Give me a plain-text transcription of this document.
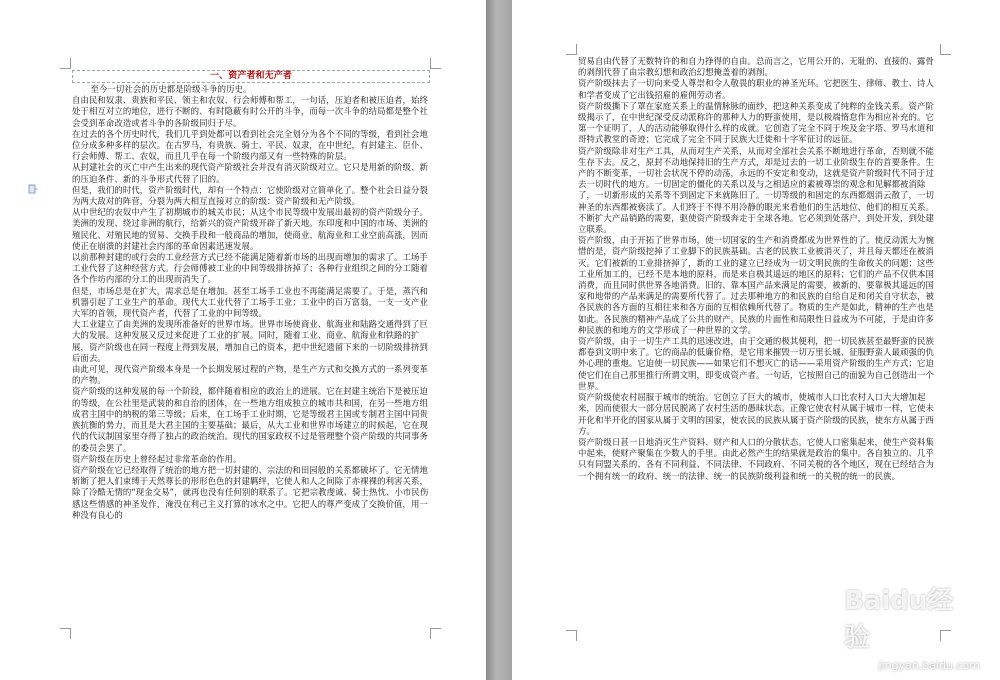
一、资产者和无产者

至今一切社会的历史都是阶级斗争的历史。

自由民和奴隶、贵族和平民、领主和农奴、行会师傅和帮工，一句话，压迫者和被压迫者，始终处于相互对立的地位，进行不断的、有时隐蔽有时公开的斗争，而每一次斗争的结局都是整个社会受到革命改造或者斗争的各阶级同归于尽。

在过去的各个历史时代，我们几乎到处都可以看到社会完全划分为各个不同的等级，看到社会地位分成多种多样的层次。在古罗马，有贵族、骑士、平民、奴隶，在中世纪，有封建主、臣仆、行会师傅、帮工、农奴，而且几乎在每一个阶级内部又有一些特殊的阶层。

从封建社会的灭亡中产生出来的现代资产阶级社会并没有消灭阶级对立。它只是用新的阶级、新的压迫条件、新的斗争形式代替了旧的。

但是，我们的时代，资产阶级时代，却有一个特点：它使阶级对立简单化了。整个社会日益分裂为两大敌对的阵营，分裂为两大相互直接对立的阶级：资产阶级和无产阶级。

从中世纪的农奴中产生了初期城市的城关市民；从这个市民等级中发展出最初的资产阶级分子。

美洲的发现、绕过非洲的航行，给新兴的资产阶级开辟了新天地。东印度和中国的市场、美洲的殖民化、对殖民地的贸易、交换手段和一般商品的增加，使商业、航海业和工业空前高涨，因而使正在崩溃的封建社会内部的革命因素迅速发展。

以前那种封建的或行会的工业经营方式已经不能满足随着新市场的出现而增加的需求了。工场手工业代替了这种经营方式。行会师傅被工业的中间等级排挤掉了；各种行业组织之间的分工随着各个作坊内部的分工的出现而消失了。

但是，市场总是在扩大，需求总是在增加。甚至工场手工业也不再能满足需要了。于是，蒸汽和机器引起了工业生产的革命。现代大工业代替了工场手工业；工业中的百万富翁，一支一支产业大军的首领，现代资产者，代替了工业的中间等级。

大工业建立了由美洲的发现所准备好的世界市场。世界市场使商业、航海业和陆路交通得到了巨大的发展。这种发展又反过来促进了工业的扩展。同时，随着工业、商业、航海业和铁路的扩展，资产阶级也在同一程度上得到发展，增加自己的资本，把中世纪遗留下来的一切阶级排挤到后面去。

由此可见，现代资产阶级本身是一个长期发展过程的产物，是生产方式和交换方式的一系列变革的产物。

资产阶级的这种发展的每一个阶段，都伴随着相应的政治上的进展。它在封建主统治下是被压迫的等级，在公社里是武装的和自治的团体，在一些地方组成独立的城市共和国，在另一些地方组成君主国中的纳税的第三等级；后来，在工场手工业时期，它是等级君主国或专制君主国中同贵族抗衡的势力，而且是大君主国的主要基础；最后，从大工业和世界市场建立的时候起，它在现代的代议制国家里夺得了独占的政治统治。现代的国家政权不过是管理整个资产阶级的共同事务的委员会罢了。

资产阶级在历史上曾经起过非常革命的作用。

资产阶级在它已经取得了统治的地方把一切封建的、宗法的和田园般的关系都破坏了。它无情地斩断了把人们束缚于天然尊长的形形色色的封建羁绊，它使人和人之间除了赤裸裸的利害关系，除了冷酷无情的“现金交易”，就再也没有任何别的联系了。它把宗教虔诚、骑士热忱、小市民伤感这些情感的神圣发作，淹没在利己主义打算的冰水之中。它把人的尊严变成了交换价值，用一种没有良心的

贸易自由代替了无数特许的和自力挣得的自由。总而言之，它用公开的、无耻的、直接的、露骨的剥削代替了由宗教幻想和政治幻想掩盖着的剥削。

资产阶级抹去了一切向来受人尊崇和令人敬畏的职业的神圣光环。它把医生、律师、教士、诗人和学者变成了它出钱招雇的雇佣劳动者。

资产阶级撕下了罩在家庭关系上的温情脉脉的面纱，把这种关系变成了纯粹的金钱关系。资产阶级揭示了，在中世纪深受反动派称许的那种人力的野蛮使用，是以极端惰怠作为相应补充的。它第一个证明了，人的活动能够取得什么样的成就。它创造了完全不同于埃及金字塔、罗马水道和哥特式教堂的奇迹；它完成了完全不同于民族大迁徙和十字军征讨的远征。

资产阶级除非对生产工具，从而对生产关系，从而对全部社会关系不断地进行革命，否则就不能生存下去。反之，原封不动地保持旧的生产方式，却是过去的一切工业阶级生存的首要条件。生产的不断变革，一切社会状况不停的动荡，永远的不安定和变动，这就是资产阶级时代不同于过去一切时代的地方。一切固定的僵化的关系以及与之相适应的素被尊崇的观念和见解都被消除了，一切新形成的关系等不到固定下来就陈旧了。一切等级的和固定的东西都烟消云散了，一切神圣的东西都被亵渎了。人们终于不得不用冷静的眼光来看他们的生活地位、他们的相互关系。

不断扩大产品销路的需要，驱使资产阶级奔走于全球各地。它必须到处落户，到处开发，到处建立联系。

资产阶级，由于开拓了世界市场，使一切国家的生产和消费都成为世界性的了。使反动派大为惋惜的是，资产阶级挖掉了工业脚下的民族基础。古老的民族工业被消灭了，并且每天都还在被消灭。它们被新的工业排挤掉了，新的工业的建立已经成为一切文明民族的生命攸关的问题；这些工业所加工的，已经不是本地的原料，而是来自极其遥远的地区的原料；它们的产品不仅供本国消费，而且同时供世界各地消费。旧的、靠本国产品来满足的需要，被新的、要靠极其遥远的国家和地带的产品来满足的需要所代替了。过去那种地方的和民族的自给自足和闭关自守状态，被各民族的各方面的互相往来和各方面的互相依赖所代替了。物质的生产是如此，精神的生产也是如此。各民族的精神产品成了公共的财产。民族的片面性和局限性日益成为不可能，于是由许多种民族的和地方的文学形成了一种世界的文学。

资产阶级，由于一切生产工具的迅速改进，由于交通的极其便利，把一切民族甚至最野蛮的民族都卷到文明中来了。它的商品的低廉价格，是它用来摧毁一切万里长城、征服野蛮人最顽强的仇外心理的重炮。它迫使一切民族——如果它们不想灭亡的话——采用资产阶级的生产方式；它迫使它们在自己那里推行所谓文明，即变成资产者。一句话，它按照自己的面貌为自己创造出一个世界。

资产阶级使农村屈服于城市的统治。它创立了巨大的城市，使城市人口比农村人口大大增加起来，因而使很大一部分居民脱离了农村生活的愚昧状态。正像它使农村从属于城市一样，它使未开化和半开化的国家从属于文明的国家，使农民的民族从属于资产阶级的民族，使东方从属于西方。

资产阶级日甚一日地消灭生产资料、财产和人口的分散状态。它使人口密集起来，使生产资料集中起来，使财产聚集在少数人的手里。由此必然产生的结果就是政治的集中。各自独立的、几乎只有同盟关系的、各有不同利益、不同法律、不同政府、不同关税的各个地区，现在已经结合为一个拥有统一的政府、统一的法律、统一的民族阶级利益和统一的关税的统一的民族。

Baidu经验
jingyan.baidu.com
